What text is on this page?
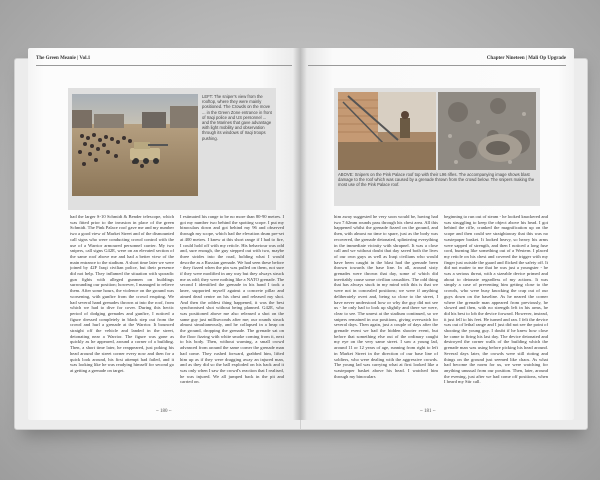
The Green Meanie | Vol.1
LEFT: The sniper's view from the rooftop, where they were mainly positioned. The Crowds on the move ... in the Green Zone entrance in front of Iraqi police and US personnel ... and the Marines that gave advantage with light mobility and observation through its windows of Iraqi troops pushing.
had the larger S-10 Schmidt & Bender telescope, which was fitted prior to the invasion in place of the green Schmidt. The Pink Palace roof gave me and my number two a good view of Market Street and of the dismounted call signs who were conducting crowd control with the use of a Warrior armoured personnel carrier. My two snipers, call signs G42E, were on an elevated section of the same roof above me and had a better view of the main entrance to the stadium. A short time later we were joined by 42F Iraqi civilian police, but their presence did not help. They inflamed the situation with sporadic gun fights with alleged gunmen on buildings surrounding our position; however, I managed to relieve them. After some hours, the violence on the ground was worsening, with gunfire from the crowd erupting. We had several hand grenades thrown at into the roof, from which we had to dive for cover. During this hectic period of dodging grenades and gunfire, I noticed a figure dressed completely in black step out from the crowd and hurl a grenade at the Warrior. It bounced straight off the vehicle and landed in the street, detonating near a Warrior. The figure was gone as quickly as he appeared, around a corner of a building. Then, a short time later, he reappeared, just poking his head around the street corner every now and then for a quick look around, his first attempt had failed, and it was looking like he was readying himself for second go at getting a grenade on target.
I estimated his range to be no more than 80-90 metres. I got my number two behind the spotting scope. I put my binoculars down and got behind my 96 and observed through my scope, which had the elevation drum pre-set at 400 metres. I knew at this short range if I had to fire, I could hold off with my reticle. His behaviour was odd and, sure enough, the guy stepped out with two, maybe three strides into the road, holding what I would describe as a Russian grenade. We had seen these before - they fizzed when the pin was pulled on them, not sure if they were modified in any way but they always struck me as odd; they were nothing like a NATO grenade. The second I identified the grenade in his hand I took a knee, supported myself against a concrete pillar and aimed dead centre on his chest and released my shot. And then the oddest thing happened, it was the best synchronised shot without being planned. G42E, who was positioned above me also released a shot on the same guy just milliseconds after me; our rounds struck almost simultaneously, and he collapsed in a heap on the ground, dropping the grenade. The grenade sat on the floor fizzing with white smoke coming from it, next to his body. Then, without warning, a small crowd advanced from around the same corner the grenade man had come. They rushed forward, grabbed him, lifted him up as if they were dragging away an injured man, and as they did so the ball exploded on his back and it was only when I saw the crowd's reaction that I realised, he was injured. We all jumped back in the pit and carried on.
~ 180 ~
Chapter Nineteen | Mali Op Upgrade
ABOVE: Snipers on the Pink Palace roof top with their L96 rifles. The accompanying image shows blast damage to the roof which was caused by a grenade thrown from the crowd below. The snipers making the most use of the Pink Palace roof.
him away suggested he very soon would be, having had two 7.62mm rounds pass through his chest area. All this happened whilst the grenade fizzed on the ground, and then, with almost no time to spare, just as the body was recovered, the grenade detonated, splintering everything in the immediate vicinity with shrapnel. It was a close call and we without doubt that day saved both the lives of our own guys as well as Iraqi civilians who would have been caught in the blast had the grenade been thrown towards the base line. In all, around sixty grenades were thrown that day, some of which did inevitably cause some civilian casualties. The odd thing that has always stuck in my mind with this is that we were not in concealed positions; we were if anything deliberately overt and, being so close to the street, I have never understood how or why the guy did not see us - he only had to look up slightly and there we were, clear to see. The unrest at the stadium continued, so we snipers remained in our positions, giving overwatch for several days. Then again, just a couple of days after the grenade event we had the hidden shooter event, but before that something else out of the ordinary caught my eye on the very same street. I saw a young lad, around 11 or 12 years of age, running from right to left in Market Street in the direction of our base line of soldiers, who were dealing with the aggressive crowds. The young lad was carrying what at first looked like a wastepaper basket above his head. I watched him through my binoculars
beginning to run out of steam - he looked knackered and was struggling to keep the object above his head. I got behind the rifle, cranked the magnification up on the scope and then could see straightaway that this was no wastepaper basket. It looked heavy, so heavy his arms were sapped of strength, and then I noticed a long fuse cord, burning like something out of a Western. I placed my reticle on his chest and covered the trigger with my finger just outside the guard and flicked the safety off. It did not matter to me that he was just a youngster - he was a serious threat, with a sizeable device primed and about to detonate regardless of my actions. It was simply a case of preventing him getting close to the crowds, who were busy knocking the crap out of our guys down on the baseline. As he neared the corner where the grenade man appeared from previously, he slowed and then, with no strength left in his arms, he did his best to lob the device forward. However, instead, it just fell to his feet. He turned and ran. I felt the device was out of lethal range and I just did not see the point of shooting the young guy. I doubt if he knew how close he came to firing his last day. The device detonated and destroyed the corner walls of the building which the grenade man was using before picking his head around. Several days later, the crowds were still rioting and things on the ground just seemed like chaos. As what had become the norm for us, we were watching for anything unusual from our position. Then, later, around the evening, just after we had come off positions, when I heard my Stir call.
~ 181 ~
